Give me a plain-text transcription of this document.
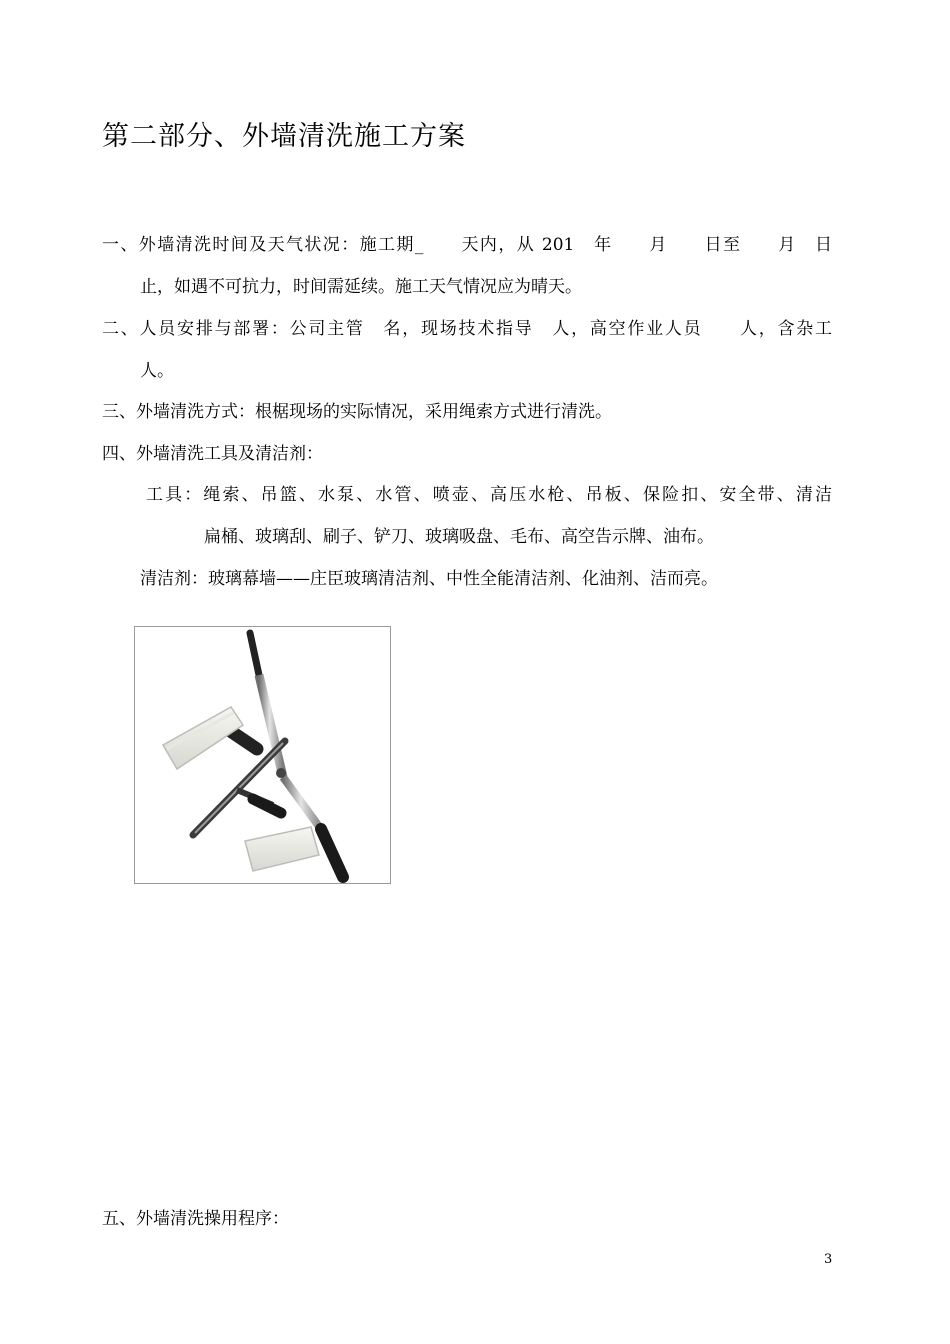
第二部分、外墙清洗施工方案
一、外墙清洗时间及天气状况：施工期_　　天内，从 201　年　　月　　日至　　月　日
止，如遇不可抗力，时间需延续。施工天气情况应为晴天。
二、人员安排与部署：公司主管　名，现场技术指导　人，高空作业人员　　人，含杂工
人。
三、外墙清洗方式：根椐现场的实际情况，采用绳索方式进行清洗。
四、外墙清洗工具及清洁剂：
工具：绳索、吊篮、水泵、水管、喷壶、高压水枪、吊板、保险扣、安全带、清洁
扁桶、玻璃刮、刷子、铲刀、玻璃吸盘、毛布、高空告示牌、油布。
清洁剂：玻璃幕墙——庄臣玻璃清洁剂、中性全能清洁剂、化油剂、洁而亮。
五、外墙清洗操用程序：
3
